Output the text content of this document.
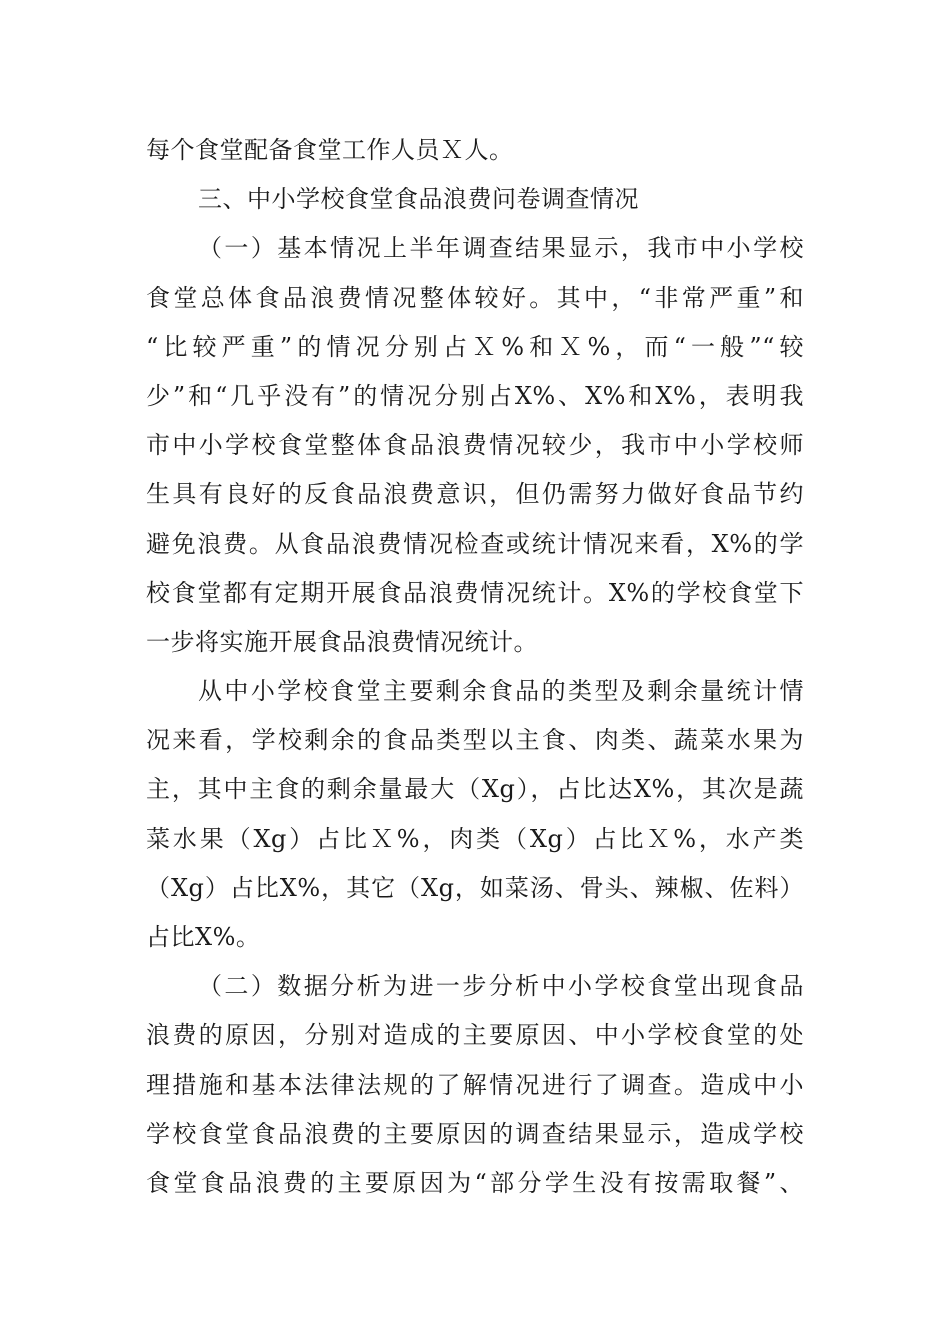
每个食堂配备食堂工作人员Ｘ人。
三、中小学校食堂食品浪费问卷调查情况
（一）基本情况上半年调查结果显示，我市中小学校
食堂总体食品浪费情况整体较好。其中，“非常严重”和
“比较严重”的情况分别占Ｘ%和Ｘ%，而“一般”“较
少”和“几乎没有”的情况分别占X%、X%和X%，表明我
市中小学校食堂整体食品浪费情况较少，我市中小学校师
生具有良好的反食品浪费意识，但仍需努力做好食品节约
避免浪费。从食品浪费情况检查或统计情况来看，X%的学
校食堂都有定期开展食品浪费情况统计。X%的学校食堂下
一步将实施开展食品浪费情况统计。
从中小学校食堂主要剩余食品的类型及剩余量统计情
况来看，学校剩余的食品类型以主食、肉类、蔬菜水果为
主，其中主食的剩余量最大（Xg），占比达X%，其次是蔬
菜水果（Xg）占比Ｘ%，肉类（Xg）占比Ｘ%，水产类
（Xg）占比X%，其它（Xg，如菜汤、骨头、辣椒、佐料）
占比X%。
（二）数据分析为进一步分析中小学校食堂出现食品
浪费的原因，分别对造成的主要原因、中小学校食堂的处
理措施和基本法律法规的了解情况进行了调查。造成中小
学校食堂食品浪费的主要原因的调查结果显示，造成学校
食堂食品浪费的主要原因为“部分学生没有按需取餐”、
